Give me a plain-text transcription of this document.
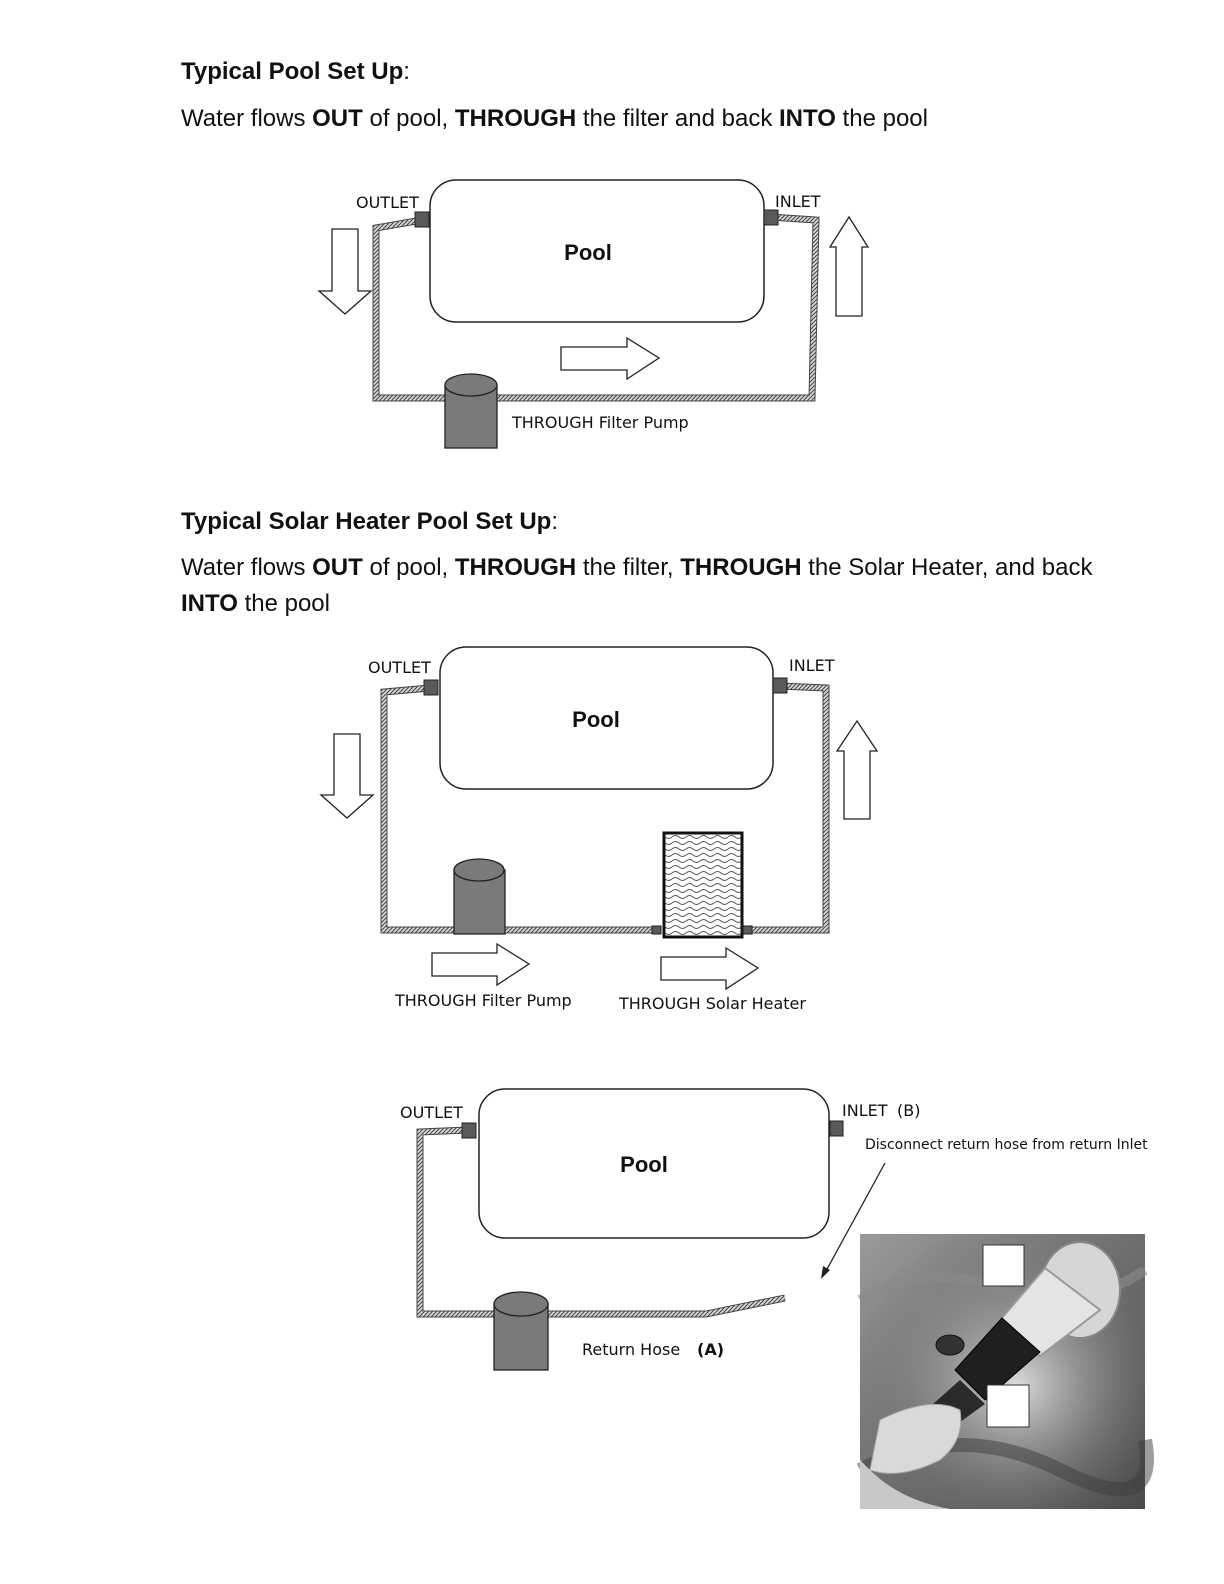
Typical Pool Set Up:

Water flows OUT of pool, THROUGH the filter and back INTO the pool

Typical Solar Heater Pool Set Up:

Water flows OUT of pool, THROUGH the filter, THROUGH the Solar Heater, and back INTO the pool

Pool
OUTLET	INLET
THROUGH Filter Pump
Pool
OUTLET	INLET
THROUGH Filter Pump	THROUGH Solar Heater
Pool
OUTLET	INLET (B)
Disconnect return hose from return Inlet
Return Hose (A)
